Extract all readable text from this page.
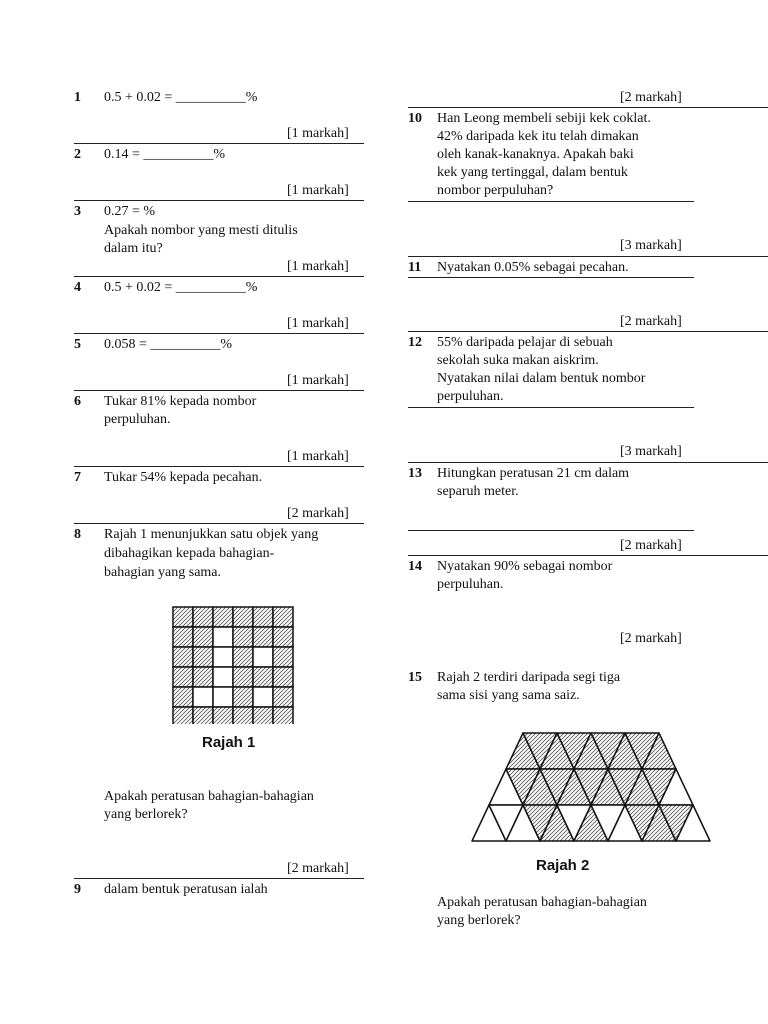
1 0.5 + 0.02 = __________%
[1 markah]
2 0.14 = __________%
[1 markah]
3 0.27 = %
Apakah nombor yang mesti ditulis
dalam itu?
[1 markah]
4 0.5 + 0.02 = __________%
[1 markah]
5 0.058 = __________%
[1 markah]
6 Tukar 81% kepada nombor
perpuluhan.
[1 markah]
7 Tukar 54% kepada pecahan.
[2 markah]
8 Rajah 1 menunjukkan satu objek yang
dibahagikan kepada bahagian-
bahagian yang sama.
Rajah 1
Apakah peratusan bahagian-bahagian
yang berlorek?
[2 markah]
9 dalam bentuk peratusan ialah
[2 markah]
10 Han Leong membeli sebiji kek coklat.
42% daripada kek itu telah dimakan
oleh kanak-kanaknya. Apakah baki
kek yang tertinggal, dalam bentuk
nombor perpuluhan?
[3 markah]
11 Nyatakan 0.05% sebagai pecahan.
[2 markah]
12 55% daripada pelajar di sebuah
sekolah suka makan aiskrim.
Nyatakan nilai dalam bentuk nombor
perpuluhan.
[3 markah]
13 Hitungkan peratusan 21 cm dalam
separuh meter.
[2 markah]
14 Nyatakan 90% sebagai nombor
perpuluhan.
[2 markah]
15 Rajah 2 terdiri daripada segi tiga
sama sisi yang sama saiz.
Rajah 2
Apakah peratusan bahagian-bahagian
yang berlorek?
